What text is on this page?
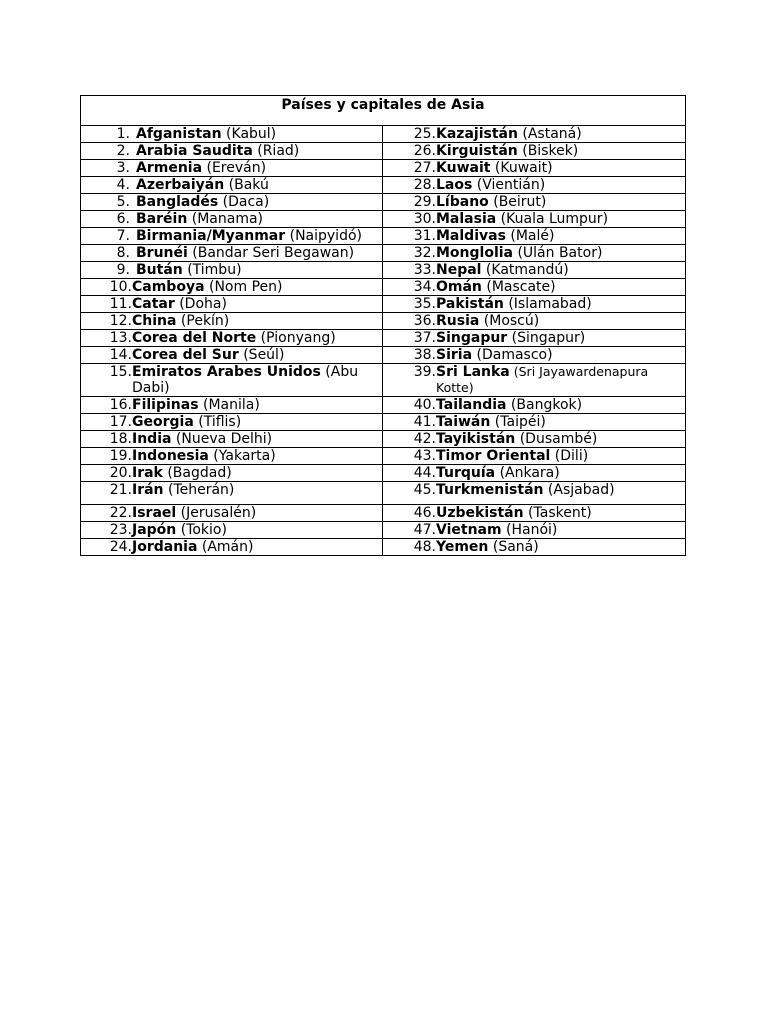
Países y capitales de Asia	

1. Afganistan (Kabul)	25. Kazajistán (Astaná)

2. Arabia Saudita (Riad)	26. Kirguistán (Biskek)

3. Armenia (Ereván)	27. Kuwait (Kuwait)

4. Azerbaiyán (Bakú	28. Laos (Vientián)

5. Bangladés (Daca)	29. Líbano (Beirut)

6. Baréin (Manama)	30. Malasia (Kuala Lumpur)

7. Birmania/Myanmar (Naipyidó)	31. Maldivas (Malé)

8. Brunéi (Bandar Seri Begawan)	32. Monglolia (Ulán Bator)

9. Bután (Timbu)	33. Nepal (Katmandú)

10. Camboya (Nom Pen)	34. Omán (Mascate)

11. Catar (Doha)	35. Pakistán (Islamabad)

12. China (Pekín)	36. Rusia (Moscú)

13. Corea del Norte (Pionyang)	37. Singapur (Singapur)

14. Corea del Sur (Seúl)	38. Siria (Damasco)

15. Emiratos Arabes Unidos (Abu Dabi)	39. Sri Lanka (Sri Jayawardenapura Kotte)

16. Filipinas (Manila)	40. Tailandia (Bangkok)

17. Georgia (Tiflis)	41. Taiwán (Taipéi)

18. India (Nueva Delhi)	42. Tayikistán (Dusambé)

19. Indonesia (Yakarta)	43. Timor Oriental (Dili)

20. Irak (Bagdad)	44. Turquía (Ankara)

21. Irán (Teherán)	45. Turkmenistán (Asjabad)

22. Israel (Jerusalén)	46. Uzbekistán (Taskent)

23. Japón (Tokio)	47. Vietnam (Hanói)

24. Jordania (Amán)	48. Yemen (Saná)
